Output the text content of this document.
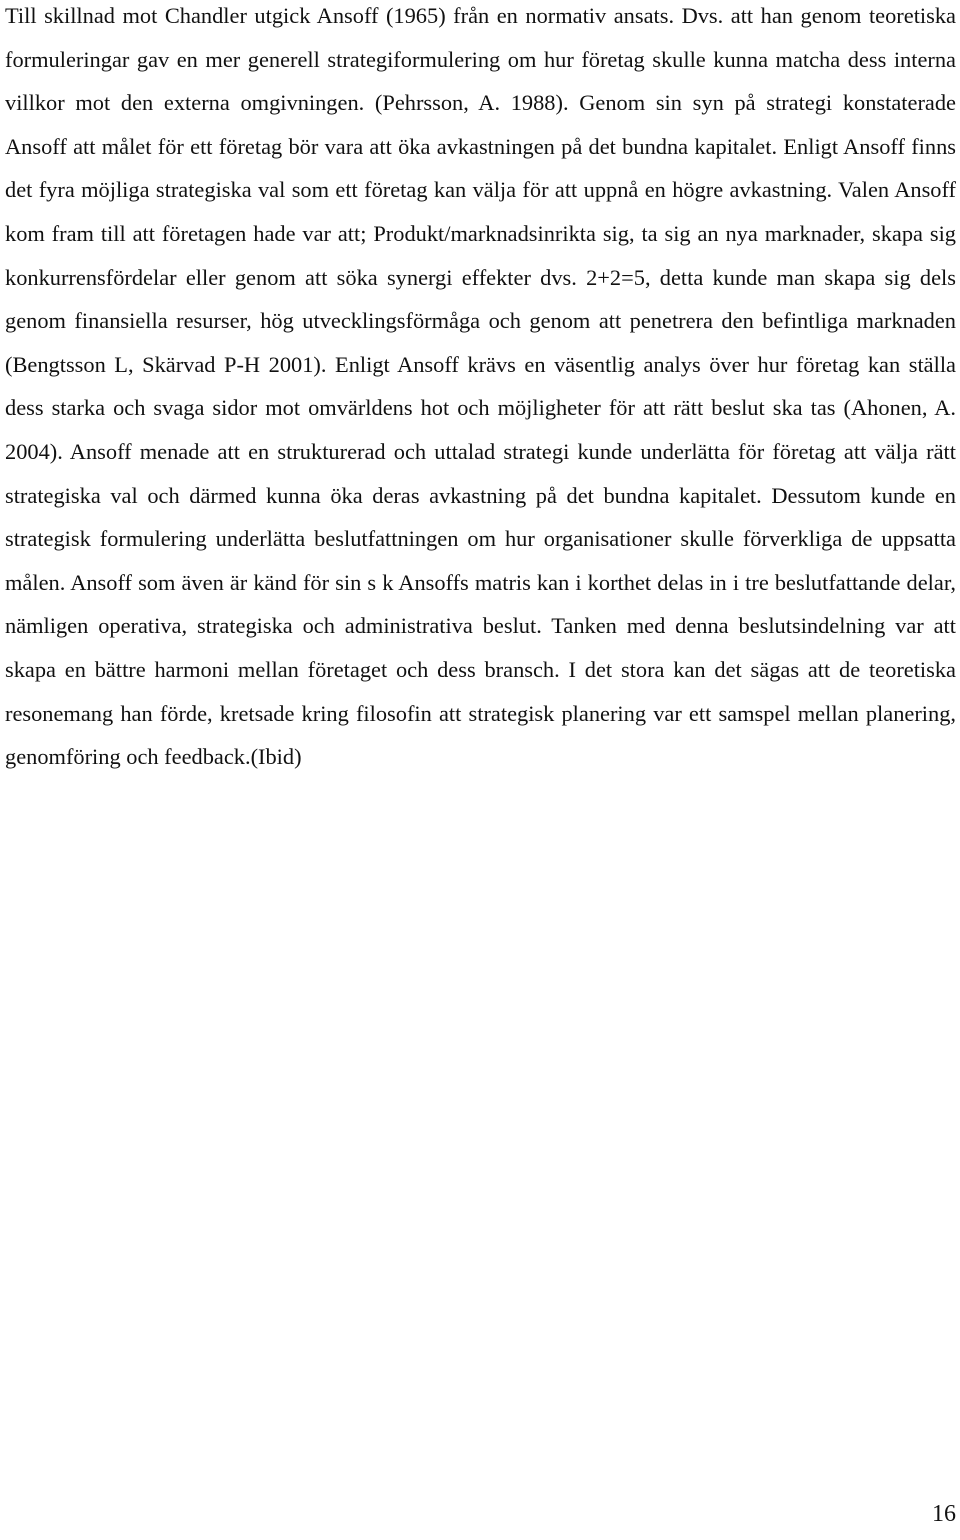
Till skillnad mot Chandler utgick Ansoff (1965) från en normativ ansats. Dvs. att han genom teoretiska formuleringar gav en mer generell strategiformulering om hur företag skulle kunna matcha dess interna villkor mot den externa omgivningen. (Pehrsson, A. 1988). Genom sin syn på strategi konstaterade Ansoff att målet för ett företag bör vara att öka avkastningen på det bundna kapitalet. Enligt Ansoff finns det fyra möjliga strategiska val som ett företag kan välja för att uppnå en högre avkastning. Valen Ansoff kom fram till att företagen hade var att; Produkt/marknadsinrikta sig, ta sig an nya marknader, skapa sig konkurrensfördelar eller genom att söka synergi effekter dvs. 2+2=5, detta kunde man skapa sig dels genom finansiella resurser, hög utvecklingsförmåga och genom att penetrera den befintliga marknaden (Bengtsson L, Skärvad P-H 2001). Enligt Ansoff krävs en väsentlig analys över hur företag kan ställa dess starka och svaga sidor mot omvärldens hot och möjligheter för att rätt beslut ska tas (Ahonen, A. 2004). Ansoff menade att en strukturerad och uttalad strategi kunde underlätta för företag att välja rätt strategiska val och därmed kunna öka deras avkastning på det bundna kapitalet. Dessutom kunde en strategisk formulering underlätta beslutfattningen om hur organisationer skulle förverkliga de uppsatta målen. Ansoff som även är känd för sin s k Ansoffs matris kan i korthet delas in i tre beslutfattande delar, nämligen operativa, strategiska och administrativa beslut. Tanken med denna beslutsindelning var att skapa en bättre harmoni mellan företaget och dess bransch. I det stora kan det sägas att de teoretiska resonemang han förde, kretsade kring filosofin att strategisk planering var ett samspel mellan planering, genomföring och feedback.(Ibid)

16
